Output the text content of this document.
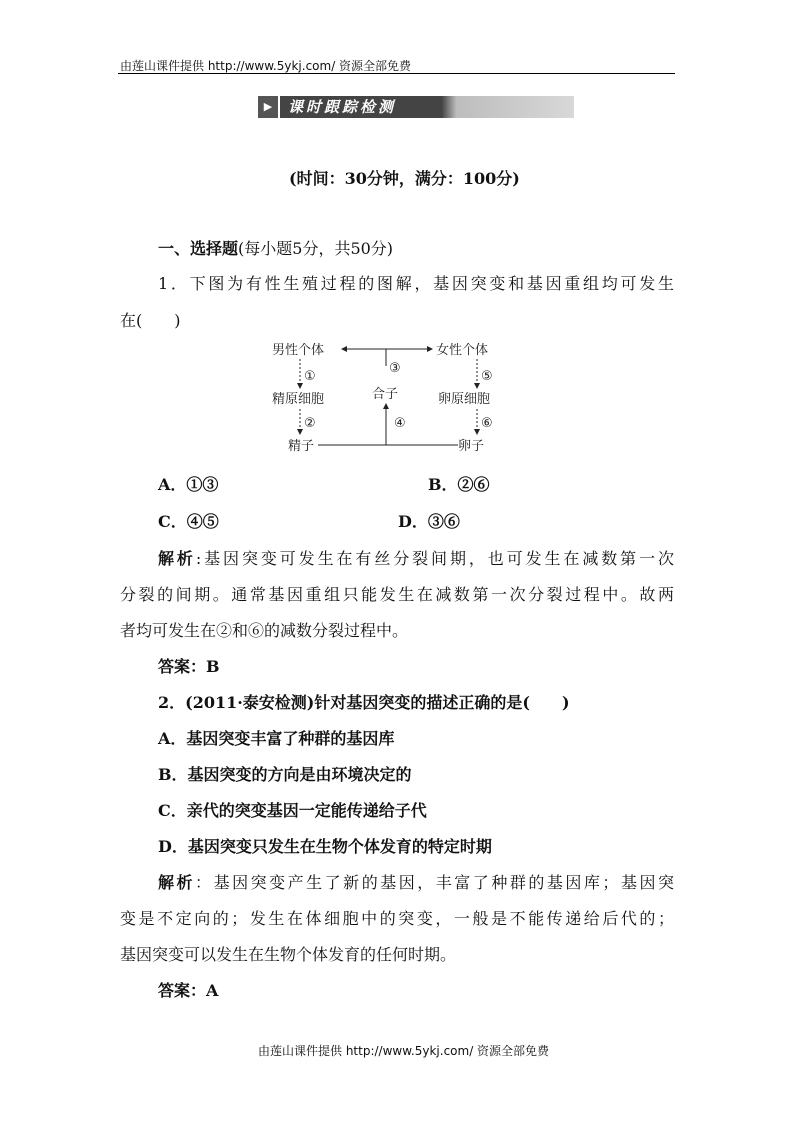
由莲山课件提供 http://www.5ykj.com/ 资源全部免费
▶	课时跟踪检测
(时间：30分钟，满分：100分)
一、选择题(每小题5分，共50分)
1．下图为有性生殖过程的图解，基因突变和基因重组均可发生
在(　　)
男性个体	女性个体
③
合子
①
精原细胞
②
精子
⑤
卵原细胞
⑥
卵子
④
A．①③	B．②⑥
C．④⑤	D．③⑥
解析:基因突变可发生在有丝分裂间期，也可发生在减数第一次
分裂的间期。通常基因重组只能发生在减数第一次分裂过程中。故两
者均可发生在②和⑥的减数分裂过程中。
答案：B
2．(2011·泰安检测)针对基因突变的描述正确的是(　　)
A．基因突变丰富了种群的基因库
B．基因突变的方向是由环境决定的
C．亲代的突变基因一定能传递给子代
D．基因突变只发生在生物个体发育的特定时期
解析：基因突变产生了新的基因，丰富了种群的基因库；基因突
变是不定向的；发生在体细胞中的突变，一般是不能传递给后代的；
基因突变可以发生在生物个体发育的任何时期。
答案：A
由莲山课件提供 http://www.5ykj.com/ 资源全部免费
